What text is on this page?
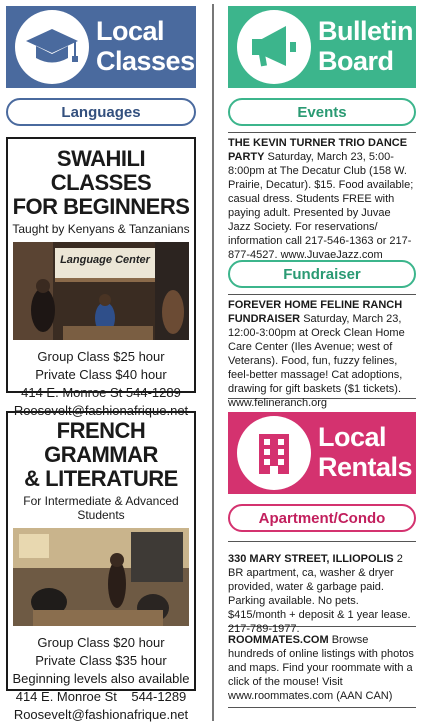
Local
Classes
Languages
SWAHILI CLASSES
FOR BEGINNERS
Taught by Kenyans & Tanzanians
Language Center
Group Class $25 hour
Private Class $40 hour
414 E. Monroe St 544-1289
Roosevelt@fashionafrique.net
FRENCH GRAMMAR
& LITERATURE
For Intermediate & Advanced Students
Group Class $20 hour
Private Class $35 hour
Beginning levels also available
414 E. Monroe St    544-1289
Roosevelt@fashionafrique.net
Bulletin
Board
Events
THE KEVIN TURNER TRIO DANCE PARTY Saturday, March 23, 5:00-8:00pm at The Decatur Club (158 W. Prairie, Decatur). $15. Food available; casual dress. Students FREE with paying adult. Presented by Juvae Jazz Society. For reservations/ information call 217-546-1363 or 217-877-4527. www.JuvaeJazz.com
Fundraiser
FOREVER HOME FELINE RANCH FUNDRAISER Saturday, March 23, 12:00-3:00pm at Oreck Clean Home Care Center (Iles Avenue; west of Veterans). Food, fun, fuzzy felines, feel-better massage! Cat adoptions, drawing for gift baskets ($1 tickets). www.felineranch.org
Local
Rentals
Apartment/Condo
330 MARY STREET, ILLIOPOLIS 2 BR apartment, ca, washer & dryer provided, water & garbage paid. Parking available. No pets. $415/month + deposit & 1 year lease. 217-789-1977.
ROOMMATES.COM Browse hundreds of online listings with photos and maps. Find your roommate with a click of the mouse! Visit www.roommates.com (AAN CAN)
